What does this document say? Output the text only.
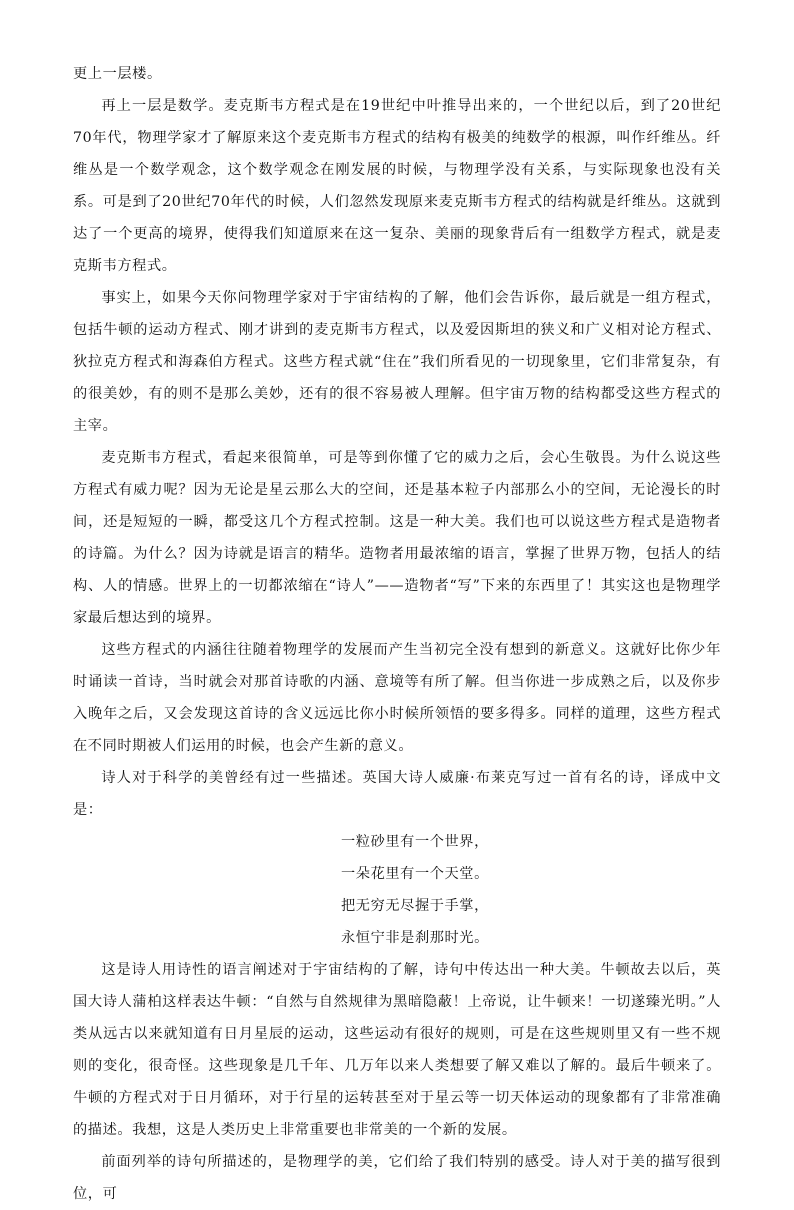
更上一层楼。

再上一层是数学。麦克斯韦方程式是在19世纪中叶推导出来的，一个世纪以后，到了20世纪70年代，物理学家才了解原来这个麦克斯韦方程式的结构有极美的纯数学的根源，叫作纤维丛。纤维丛是一个数学观念，这个数学观念在刚发展的时候，与物理学没有关系，与实际现象也没有关系。可是到了20世纪70年代的时候，人们忽然发现原来麦克斯韦方程式的结构就是纤维丛。这就到达了一个更高的境界，使得我们知道原来在这一复杂、美丽的现象背后有一组数学方程式，就是麦克斯韦方程式。

事实上，如果今天你问物理学家对于宇宙结构的了解，他们会告诉你，最后就是一组方程式，包括牛顿的运动方程式、刚才讲到的麦克斯韦方程式，以及爱因斯坦的狭义和广义相对论方程式、狄拉克方程式和海森伯方程式。这些方程式就“住在”我们所看见的一切现象里，它们非常复杂，有的很美妙，有的则不是那么美妙，还有的很不容易被人理解。但宇宙万物的结构都受这些方程式的主宰。

麦克斯韦方程式，看起来很简单，可是等到你懂了它的威力之后，会心生敬畏。为什么说这些方程式有威力呢？因为无论是星云那么大的空间，还是基本粒子内部那么小的空间，无论漫长的时间，还是短短的一瞬，都受这几个方程式控制。这是一种大美。我们也可以说这些方程式是造物者的诗篇。为什么？因为诗就是语言的精华。造物者用最浓缩的语言，掌握了世界万物，包括人的结构、人的情感。世界上的一切都浓缩在“诗人”——造物者“写”下来的东西里了！其实这也是物理学家最后想达到的境界。

这些方程式的内涵往往随着物理学的发展而产生当初完全没有想到的新意义。这就好比你少年时诵读一首诗，当时就会对那首诗歌的内涵、意境等有所了解。但当你进一步成熟之后，以及你步入晚年之后，又会发现这首诗的含义远远比你小时候所领悟的要多得多。同样的道理，这些方程式在不同时期被人们运用的时候，也会产生新的意义。

诗人对于科学的美曾经有过一些描述。英国大诗人威廉·布莱克写过一首有名的诗，译成中文是：

一粒砂里有一个世界，
一朵花里有一个天堂。
把无穷无尽握于手掌，
永恒宁非是刹那时光。

这是诗人用诗性的语言阐述对于宇宙结构的了解，诗句中传达出一种大美。牛顿故去以后，英国大诗人蒲柏这样表达牛顿：“自然与自然规律为黑暗隐蔽！上帝说，让牛顿来！一切遂臻光明。”人类从远古以来就知道有日月星辰的运动，这些运动有很好的规则，可是在这些规则里又有一些不规则的变化，很奇怪。这些现象是几千年、几万年以来人类想要了解又难以了解的。最后牛顿来了。牛顿的方程式对于日月循环，对于行星的运转甚至对于星云等一切天体运动的现象都有了非常准确的描述。我想，这是人类历史上非常重要也非常美的一个新的发展。

前面列举的诗句所描述的，是物理学的美，它们给了我们特别的感受。诗人对于美的描写很到位，可
